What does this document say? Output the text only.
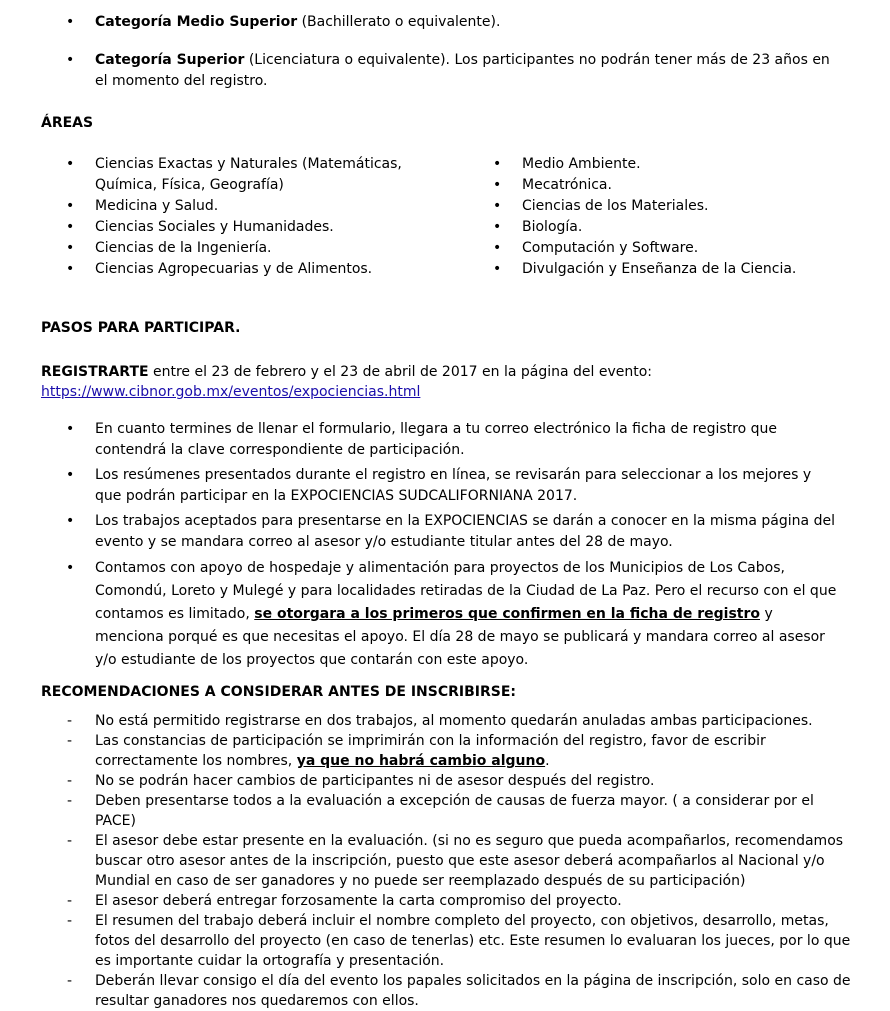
• Categoría Medio Superior (Bachillerato o equivalente).
• Categoría Superior (Licenciatura o equivalente). Los participantes no podrán tener más de 23 años en el momento del registro.
ÁREAS
• Ciencias Exactas y Naturales (Matemáticas, Química, Física, Geografía)
• Medicina y Salud.
• Ciencias Sociales y Humanidades.
• Ciencias de la Ingeniería.
• Ciencias Agropecuarias y de Alimentos.
• Medio Ambiente.
• Mecatrónica.
• Ciencias de los Materiales.
• Biología.
• Computación y Software.
• Divulgación y Enseñanza de la Ciencia.
PASOS PARA PARTICIPAR.

REGISTRARTE entre el 23 de febrero y el 23 de abril de 2017 en la página del evento:
https://www.cibnor.gob.mx/eventos/expociencias.html

• En cuanto termines de llenar el formulario, llegara a tu correo electrónico la ficha de registro que contendrá la clave correspondiente de participación.
• Los resúmenes presentados durante el registro en línea, se revisarán para seleccionar a los mejores y que podrán participar en la EXPOCIENCIAS SUDCALIFORNIANA 2017.
• Los trabajos aceptados para presentarse en la EXPOCIENCIAS se darán a conocer en la misma página del evento y se mandara correo al asesor y/o estudiante titular antes del 28 de mayo.
• Contamos con apoyo de hospedaje y alimentación para proyectos de los Municipios de Los Cabos, Comondú, Loreto y Mulegé y para localidades retiradas de la Ciudad de La Paz. Pero el recurso con el que contamos es limitado, se otorgara a los primeros que confirmen en la ficha de registro y menciona porqué es que necesitas el apoyo. El día 28 de mayo se publicará y mandara correo al asesor y/o estudiante de los proyectos que contarán con este apoyo.
RECOMENDACIONES A CONSIDERAR ANTES DE INSCRIBIRSE:
- No está permitido registrarse en dos trabajos, al momento quedarán anuladas ambas participaciones.
- Las constancias de participación se imprimirán con la información del registro, favor de escribir correctamente los nombres, ya que no habrá cambio alguno.
- No se podrán hacer cambios de participantes ni de asesor después del registro.
- Deben presentarse todos a la evaluación a excepción de causas de fuerza mayor. ( a considerar por el PACE)
- El asesor debe estar presente en la evaluación. (si no es seguro que pueda acompañarlos, recomendamos buscar otro asesor antes de la inscripción, puesto que este asesor deberá acompañarlos al Nacional y/o Mundial en caso de ser ganadores y no puede ser reemplazado después de su participación)
- El asesor deberá entregar forzosamente la carta compromiso del proyecto.
- El resumen del trabajo deberá incluir el nombre completo del proyecto, con objetivos, desarrollo, metas, fotos del desarrollo del proyecto (en caso de tenerlas) etc. Este resumen lo evaluaran los jueces, por lo que es importante cuidar la ortografía y presentación.
- Deberán llevar consigo el día del evento los papales solicitados en la página de inscripción, solo en caso de resultar ganadores nos quedaremos con ellos.
